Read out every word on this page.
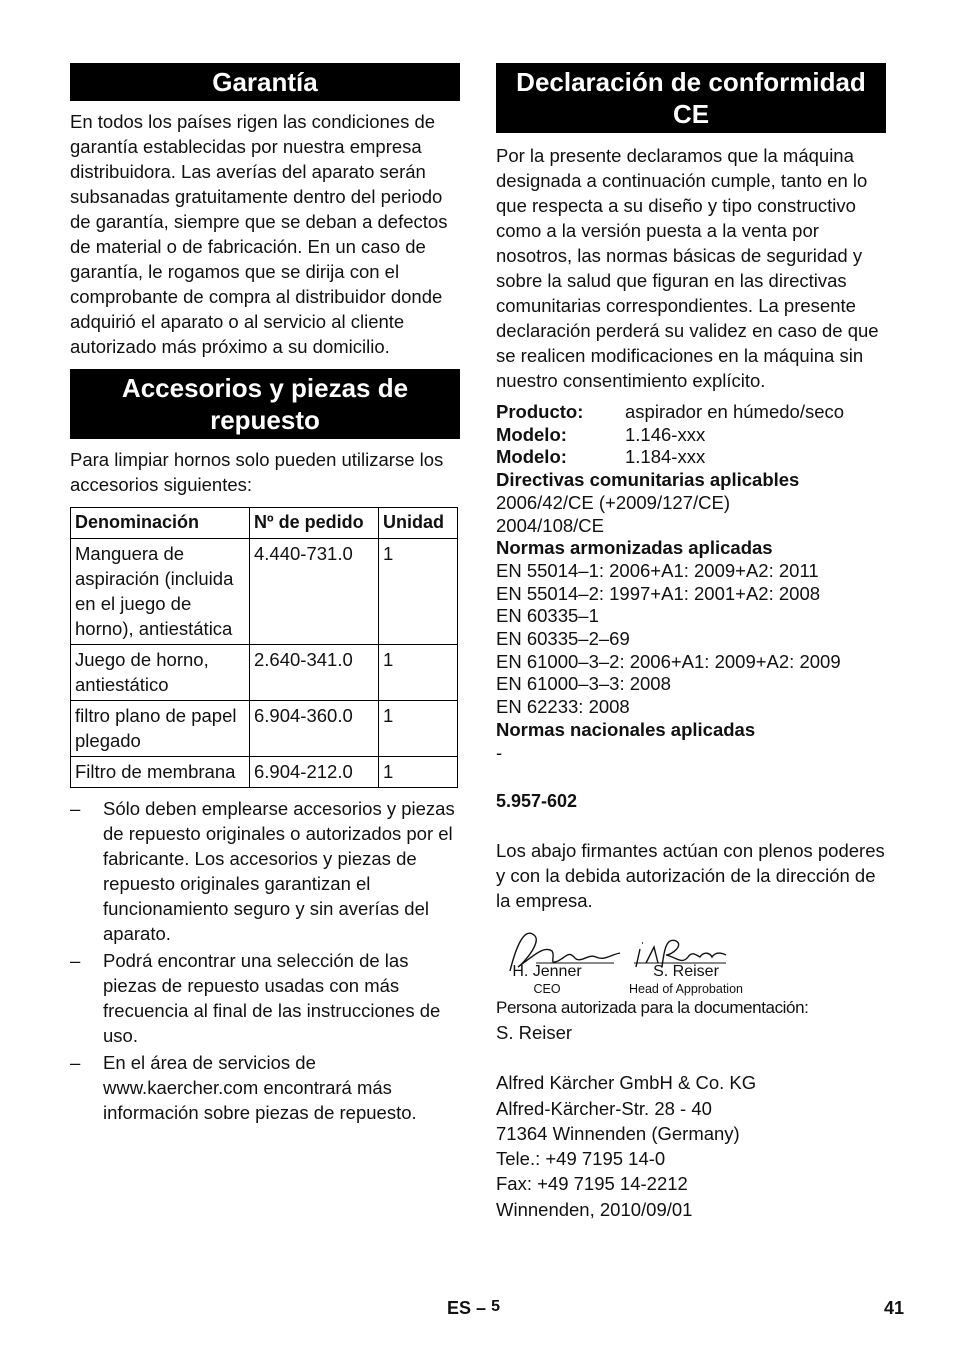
Garantía

En todos los países rigen las condiciones de garantía establecidas por nuestra empresa distribuidora. Las averías del aparato serán subsanadas gratuitamente dentro del periodo de garantía, siempre que se deban a defectos de material o de fabricación. En un caso de garantía, le rogamos que se dirija con el comprobante de compra al distribuidor donde adquirió el aparato o al servicio al cliente autorizado más próximo a su domicilio.

Accesorios y piezas de repuesto

Para limpiar hornos solo pueden utilizarse los accesorios siguientes:

Denominación	Nº de pedido	Unidad
Manguera de aspiración (incluida en el juego de horno), antiestática	4.440-731.0	1
Juego de horno, antiestático	2.640-341.0	1
filtro plano de papel plegado	6.904-360.0	1
Filtro de membrana	6.904-212.0	1
– Sólo deben emplearse accesorios y piezas de repuesto originales o autorizados por el fabricante. Los accesorios y piezas de repuesto originales garantizan el funcionamiento seguro y sin averías del aparato.
– Podrá encontrar una selección de las piezas de repuesto usadas con más frecuencia al final de las instrucciones de uso.
– En el área de servicios de www.kaercher.com encontrará más información sobre piezas de repuesto.
Declaración de conformidad CE

Por la presente declaramos que la máquina designada a continuación cumple, tanto en lo que respecta a su diseño y tipo constructivo como a la versión puesta a la venta por nosotros, las normas básicas de seguridad y sobre la salud que figuran en las directivas comunitarias correspondientes. La presente declaración perderá su validez en caso de que se realicen modificaciones en la máquina sin nuestro consentimiento explícito.

Producto:	aspirador en húmedo/seco
Modelo:	1.146-xxx
Modelo:	1.184-xxx
Directivas comunitarias aplicables
2006/42/CE (+2009/127/CE)
2004/108/CE
Normas armonizadas aplicadas
EN 55014–1: 2006+A1: 2009+A2: 2011
EN 55014–2: 1997+A1: 2001+A2: 2008
EN 60335–1
EN 60335–2–69
EN 61000–3–2: 2006+A1: 2009+A2: 2009
EN 61000–3–3: 2008
EN 62233: 2008
Normas nacionales aplicadas
-
5.957-602

Los abajo firmantes actúan con plenos poderes y con la debida autorización de la dirección de la empresa.

H. Jenner
CEO
S. Reiser
Head of Approbation
Persona autorizada para la documentación:
S. Reiser
Alfred Kärcher GmbH & Co. KG
Alfred-Kärcher-Str. 28 - 40
71364 Winnenden (Germany)
Tele.: +49 7195 14-0
Fax: +49 7195 14-2212
Winnenden, 2010/09/01
ES – 5	41
